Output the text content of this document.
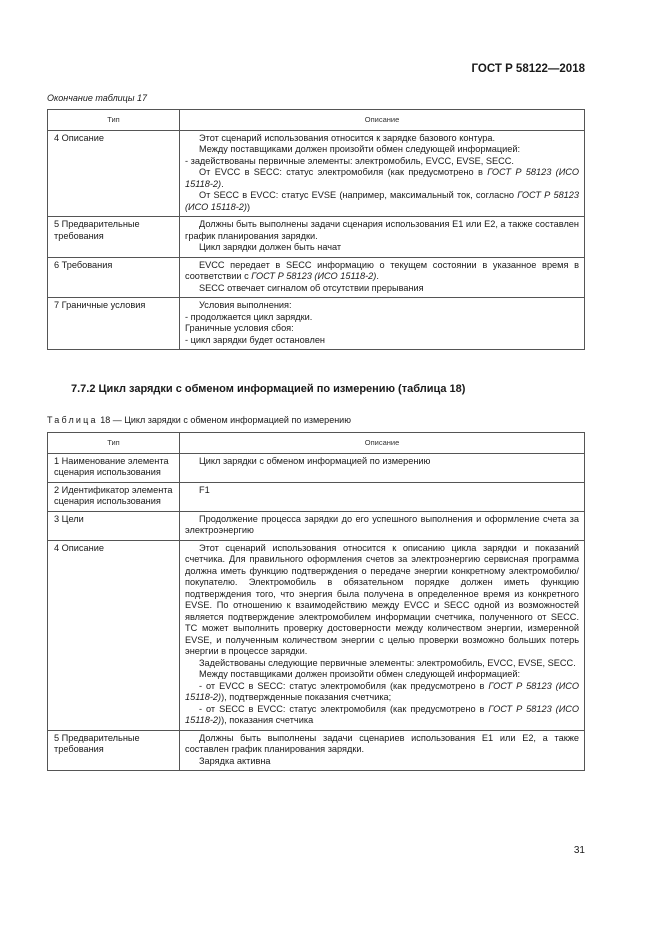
ГОСТ Р 58122—2018
Окончание таблицы 17
Тип	Описание
4 Описание	Этот сценарий использования относится к зарядке базового контура.

Между поставщиками должен произойти обмен следующей информацией:

- задействованы первичные элементы: электромобиль, EVCC, EVSE, SECC.

От EVCC в SECC: статус электромобиля (как предусмотрено в ГОСТ Р 58123 (ИСО 15118-2).

От SECC в EVCC: статус EVSE (например, максимальный ток, согласно ГОСТ Р 58123 (ИСО 15118-2))

5 Предварительные требования	Должны быть выполнены задачи сценария использования E1 или E2, а также составлен график планирования зарядки.

Цикл зарядки должен быть начат

6 Требования	EVCC передает в SECC информацию о текущем состоянии в указанное время в соответствии с ГОСТ Р 58123 (ИСО 15118-2).

SECC отвечает сигналом об отсутствии прерывания

7 Граничные условия	Условия выполнения:

- продолжается цикл зарядки.

Граничные условия сбоя:

- цикл зарядки будет остановлен

7.7.2 Цикл зарядки с обменом информацией по измерению (таблица 18)
Таблица 18 — Цикл зарядки с обменом информацией по измерению
Тип	Описание
1 Наименование элемента сценария использования	Цикл зарядки с обменом информацией по измерению

2 Идентификатор элемента сценария использования	F1

3 Цели	Продолжение процесса зарядки до его успешного выполнения и оформление счета за электроэнергию

4 Описание	Этот сценарий использования относится к описанию цикла зарядки и показаний счетчика. Для правильного оформления счетов за электроэнергию сервисная программа должна иметь функцию подтверждения о передаче энергии конкретному электромобилю/покупателю. Электромобиль в обязательном порядке должен иметь функцию подтверждения того, что энергия была получена в определенное время из конкретного EVSE. По отношению к взаимодействию между EVCC и SECC одной из возможностей является подтверждение электромобилем информации счетчика, полученного от SECC. ТС может выполнить проверку достоверности между количеством энергии, измеренной EVSE, и полученным количеством энергии с целью проверки возможно больших потерь энергии в процессе зарядки.

Задействованы следующие первичные элементы: электромобиль, EVCC, EVSE, SECC.

Между поставщиками должен произойти обмен следующей информацией:

- от EVCC в SECC: статус электромобиля (как предусмотрено в ГОСТ Р 58123 (ИСО 15118-2)), подтвержденные показания счетчика;

- от SECC в EVCC: статус электромобиля (как предусмотрено в ГОСТ Р 58123 (ИСО 15118-2)), показания счетчика

5 Предварительные требования	Должны быть выполнены задачи сценариев использования E1 или E2, а также составлен график планирования зарядки.

Зарядка активна

31
